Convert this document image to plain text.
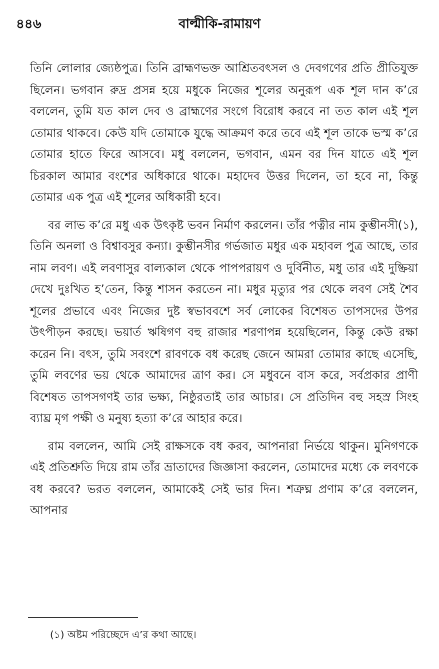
৪৪৬	বাল্মীকি-রামায়ণ

তিনি লোলার জ্যেষ্ঠপুত্র। তিনি ব্রাহ্মণভক্ত আশ্রিতবৎসল ও দেবগণের প্রতি প্রীতিযুক্ত ছিলেন। ভগবান রুদ্র প্রসন্ন হয়ে মধুকে নিজের শূলের অনুরূপ এক শূল দান ক’রে বললেন, তুমি যত কাল দেব ও ব্রাহ্মণের সংগে বিরোধ করবে না তত কাল এই শূল তোমার থাকবে। কেউ যদি তোমাকে যুদ্ধে আক্রমণ করে তবে এই শূল তাকে ভস্ম ক’রে তোমার হাতে ফিরে আসবে। মধু বললেন, ভগবান, এমন বর দিন যাতে এই শূল চিরকাল আমার বংশের অধিকারে থাকে। মহাদেব উত্তর দিলেন, তা হবে না, কিন্তু তোমার এক পুত্র এই শূলের অধিকারী হবে।

বর লাভ ক’রে মধু এক উৎকৃষ্ট ভবন নির্মাণ করলেন। তাঁর পত্নীর নাম কুম্ভীনসী(১), তিনি অনলা ও বিশ্বাবসুর কন্যা। কুম্ভীনসীর গর্ভজাত মধুর এক মহাবল পুত্র আছে, তার নাম লবণ। এই লবণাসুর বাল্যকাল থেকে পাপপরায়ণ ও দুর্বিনীত, মধু তার এই দুষ্ক্রিয়া দেখে দুঃখিত হ’তেন, কিন্তু শাসন করতেন না। মধুর মৃত্যুর পর থেকে লবণ সেই শৈব শূলের প্রভাবে এবং নিজের দুষ্ট স্বভাববশে সর্ব লোকের বিশেষত তাপসদের উপর উৎপীড়ন করছে। ভয়ার্ত ঋষিগণ বহু রাজার শরণাপন্ন হয়েছিলেন, কিন্তু কেউ রক্ষা করেন নি। বৎস, তুমি সবংশে রাবণকে বধ করেছ জেনে আমরা তোমার কাছে এসেছি, তুমি লবণের ভয় থেকে আমাদের ত্রাণ কর। সে মধুবনে বাস করে, সর্বপ্রকার প্রাণী বিশেষত তাপসগণই তার ভক্ষ্য, নিষ্ঠুরতাই তার আচার। সে প্রতিদিন বহু সহস্র সিংহ ব্যাঘ্র মৃগ পক্ষী ও মনুষ্য হত্যা ক’রে আহার করে।

রাম বললেন, আমি সেই রাক্ষসকে বধ করব, আপনারা নির্ভয়ে থাকুন। মুনিগণকে এই প্রতিশ্রুতি দিয়ে রাম তাঁর ভ্রাতাদের জিজ্ঞাসা করলেন, তোমাদের মধ্যে কে লবণকে বধ করবে? ভরত বললেন, আমাকেই সেই ভার দিন। শত্রুঘ্ন প্রণাম ক’রে বললেন, আপনার

(১) অষ্টম পরিচ্ছেদে এ’র কথা আছে।
